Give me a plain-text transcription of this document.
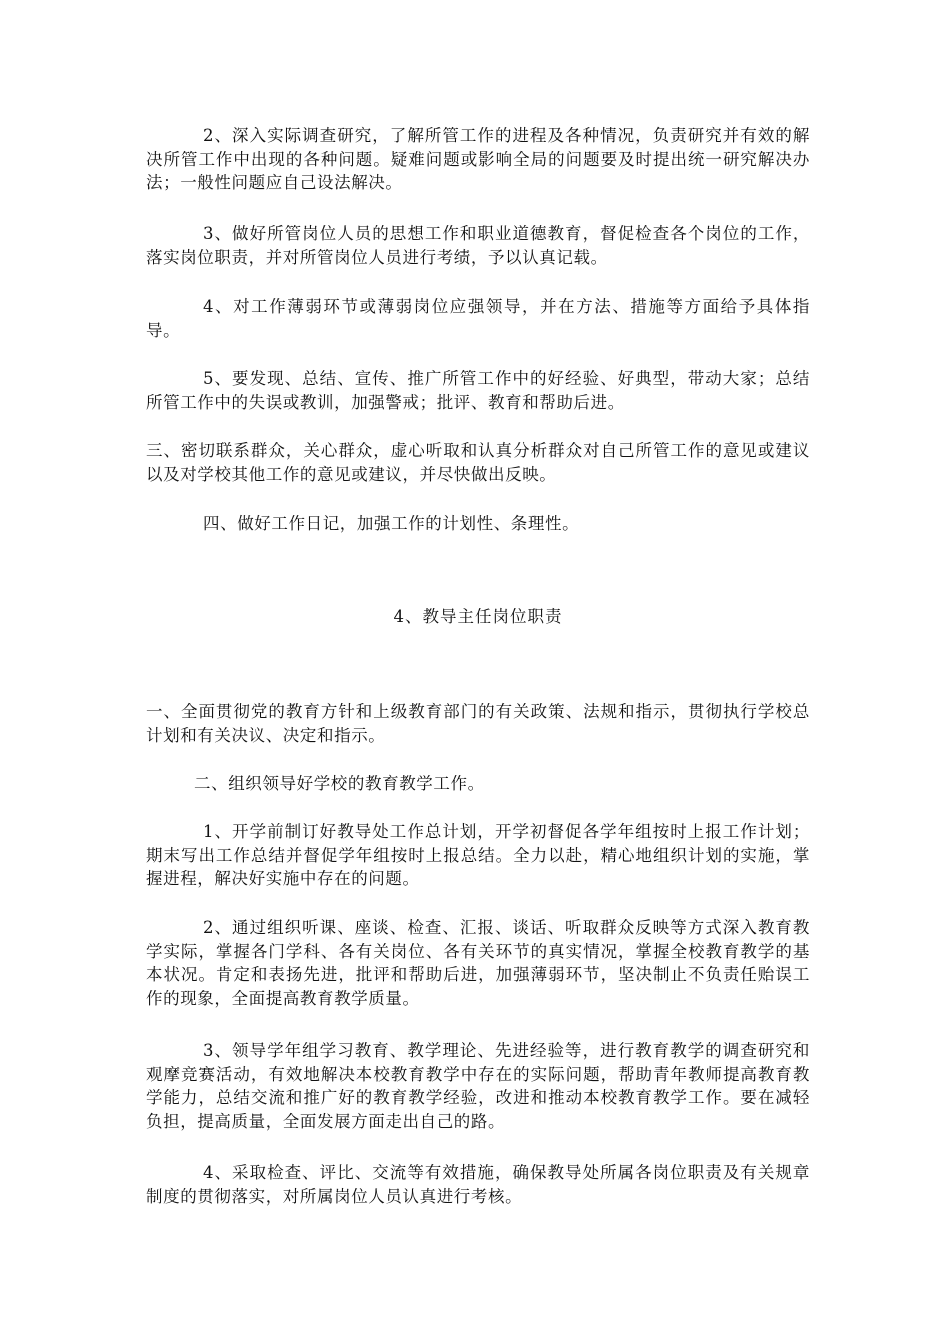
2、深入实际调查研究，了解所管工作的进程及各种情况，负责研究并有效的解决所管工作中出现的各种问题。疑难问题或影响全局的问题要及时提出统一研究解决办法；一般性问题应自己设法解决。

3、做好所管岗位人员的思想工作和职业道德教育，督促检查各个岗位的工作，落实岗位职责，并对所管岗位人员进行考绩，予以认真记载。

4、对工作薄弱环节或薄弱岗位应强领导，并在方法、措施等方面给予具体指导。

5、要发现、总结、宣传、推广所管工作中的好经验、好典型，带动大家；总结所管工作中的失误或教训，加强警戒；批评、教育和帮助后进。

三、密切联系群众，关心群众，虚心听取和认真分析群众对自己所管工作的意见或建议以及对学校其他工作的意见或建议，并尽快做出反映。

四、做好工作日记，加强工作的计划性、条理性。

4、教导主任岗位职责

一、全面贯彻党的教育方针和上级教育部门的有关政策、法规和指示，贯彻执行学校总计划和有关决议、决定和指示。

二、组织领导好学校的教育教学工作。

1、开学前制订好教导处工作总计划，开学初督促各学年组按时上报工作计划；期末写出工作总结并督促学年组按时上报总结。全力以赴，精心地组织计划的实施，掌握进程，解决好实施中存在的问题。

2、通过组织听课、座谈、检查、汇报、谈话、听取群众反映等方式深入教育教学实际，掌握各门学科、各有关岗位、各有关环节的真实情况，掌握全校教育教学的基本状况。肯定和表扬先进，批评和帮助后进，加强薄弱环节，坚决制止不负责任贻误工作的现象，全面提高教育教学质量。

3、领导学年组学习教育、教学理论、先进经验等，进行教育教学的调查研究和观摩竞赛活动，有效地解决本校教育教学中存在的实际问题，帮助青年教师提高教育教学能力，总结交流和推广好的教育教学经验，改进和推动本校教育教学工作。要在减轻负担，提高质量，全面发展方面走出自己的路。

4、采取检查、评比、交流等有效措施，确保教导处所属各岗位职责及有关规章制度的贯彻落实，对所属岗位人员认真进行考核。
